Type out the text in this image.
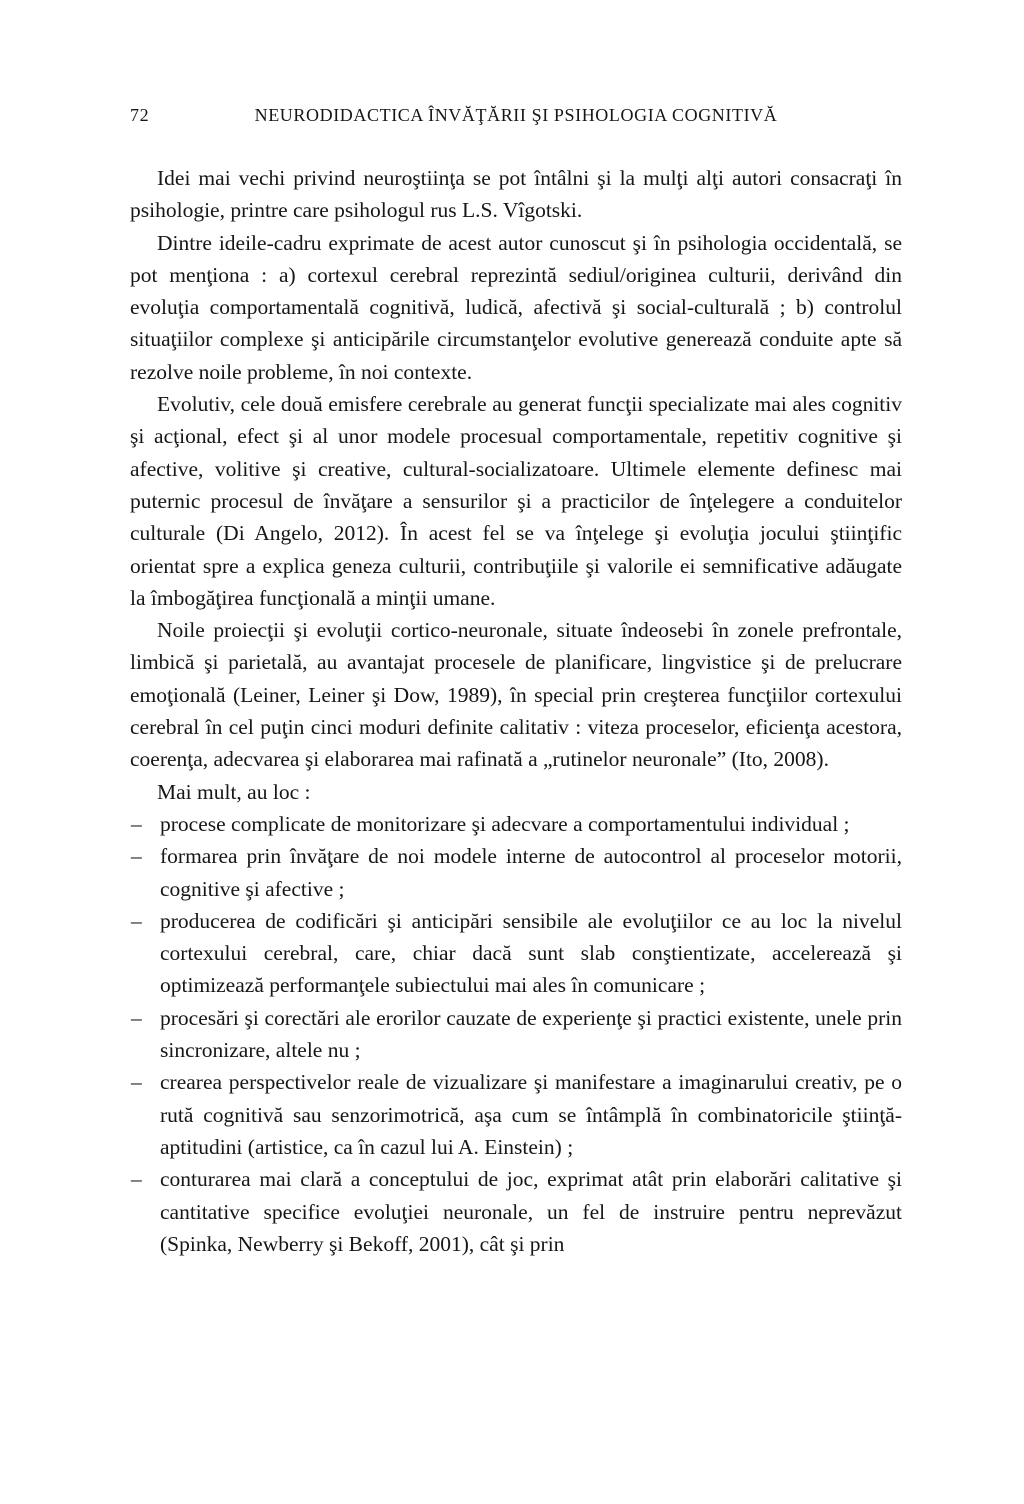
72	NEURODIDACTICA ÎNVĂŢĂRII ŞI PSIHOLOGIA COGNITIVĂ

Idei mai vechi privind neuroştiinţa se pot întâlni şi la mulţi alţi autori consacraţi în psihologie, printre care psihologul rus L.S. Vîgotski.

Dintre ideile-cadru exprimate de acest autor cunoscut şi în psihologia occidentală, se pot menţiona : a) cortexul cerebral reprezintă sediul/originea culturii, derivând din evoluţia comportamentală cognitivă, ludică, afectivă şi social-culturală ; b) controlul situaţiilor complexe şi anticipările circumstanţelor evolutive generează conduite apte să rezolve noile probleme, în noi contexte.

Evolutiv, cele două emisfere cerebrale au generat funcţii specializate mai ales cognitiv şi acţional, efect şi al unor modele procesual comportamentale, repetitiv cognitive şi afective, volitive şi creative, cultural-socializatoare. Ultimele elemente definesc mai puternic procesul de învăţare a sensurilor şi a practicilor de înţelegere a conduitelor culturale (Di Angelo, 2012). În acest fel se va înţelege şi evoluţia jocului ştiinţific orientat spre a explica geneza culturii, contribuţiile şi valorile ei semnificative adăugate la îmbogăţirea funcţională a minţii umane.

Noile proiecţii şi evoluţii cortico-neuronale, situate îndeosebi în zonele prefrontale, limbică şi parietală, au avantajat procesele de planificare, lingvistice şi de prelucrare emoţională (Leiner, Leiner şi Dow, 1989), în special prin creşterea funcţiilor cortexului cerebral în cel puţin cinci moduri definite calitativ : viteza proceselor, eficienţa acestora, coerenţa, adecvarea şi elaborarea mai rafinată a „rutinelor neuronale” (Ito, 2008).

Mai mult, au loc :

– procese complicate de monitorizare şi adecvare a comportamentului individual ;
– formarea prin învăţare de noi modele interne de autocontrol al proceselor motorii, cognitive şi afective ;
– producerea de codificări şi anticipări sensibile ale evoluţiilor ce au loc la nivelul cortexului cerebral, care, chiar dacă sunt slab conştientizate, accelerează şi optimizează performanţele subiectului mai ales în comunicare ;
– procesări şi corectări ale erorilor cauzate de experienţe şi practici existente, unele prin sincronizare, altele nu ;
– crearea perspectivelor reale de vizualizare şi manifestare a imaginarului creativ, pe o rută cognitivă sau senzorimotrică, aşa cum se întâmplă în combinatoricile ştiinţă-aptitudini (artistice, ca în cazul lui A. Einstein) ;
– conturarea mai clară a conceptului de joc, exprimat atât prin elaborări calitative şi cantitative specifice evoluţiei neuronale, un fel de instruire pentru neprevăzut (Spinka, Newberry şi Bekoff, 2001), cât şi prin
